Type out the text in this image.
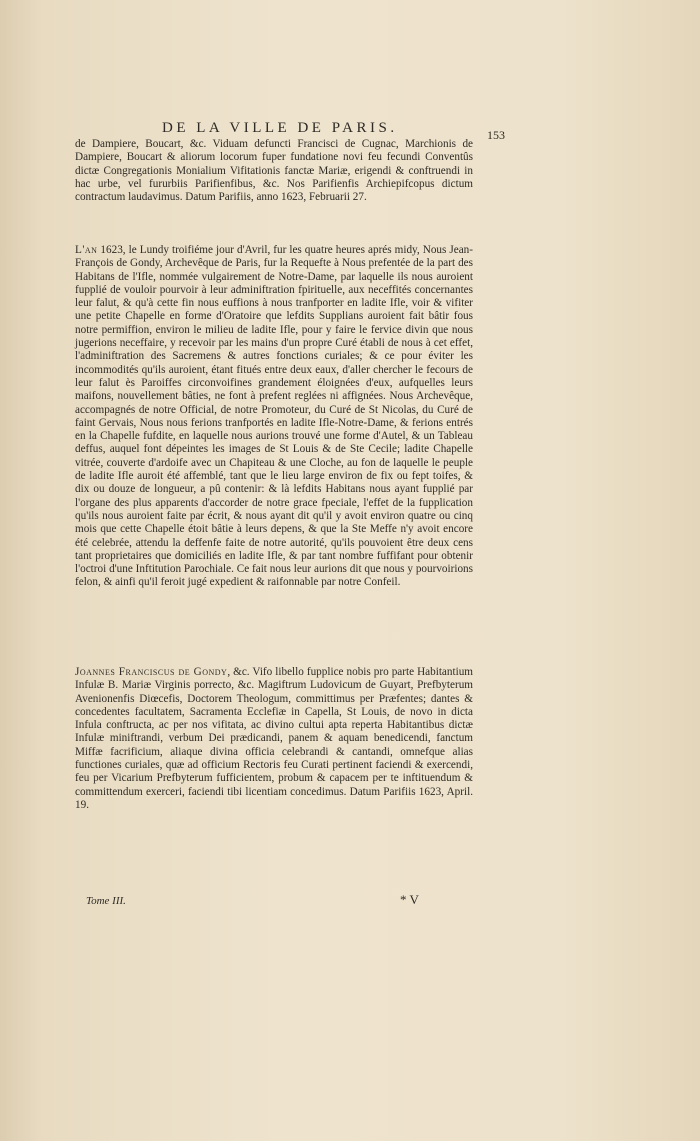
DE LA VILLE DE PARIS.	153

de Dampiere, Boucart, &c. Viduam defuncti Francisci de Cugnac, Marchionis de Dampiere, Boucart & aliorum locorum fuper fundatione novi feu fecundi Conventûs dictæ Congregationis Monialium Vifitationis fanctæ Mariæ, erigendi & conftruendi in hac urbe, vel fururbiis Parifienfibus, &c. Nos Parifienfis Archiepifcopus dictum contractum laudavimus. Datum Parifiis, anno 1623, Februarii 27.

L'an 1623, le Lundy troifiéme jour d'Avril, fur les quatre heures aprés midy, Nous Jean-François de Gondy, Archevêque de Paris, fur la Requefte à Nous prefentée de la part des Habitans de l'Ifle, nommée vulgairement de Notre-Dame, par laquelle ils nous auroient fupplié de vouloir pourvoir à leur adminiftration fpirituelle, aux neceffités concernantes leur falut, & qu'à cette fin nous euffions à nous tranfporter en ladite Ifle, voir & vifiter une petite Chapelle en forme d'Oratoire que lefdits Supplians auroient fait bâtir fous notre permiffion, environ le milieu de ladite Ifle, pour y faire le fervice divin que nous jugerions neceffaire, y recevoir par les mains d'un propre Curé établi de nous à cet effet, l'adminiftration des Sacremens & autres fonctions curiales; & ce pour éviter les incommodités qu'ils auroient, étant fitués entre deux eaux, d'aller chercher le fecours de leur falut ès Paroiffes circonvoifines grandement éloignées d'eux, aufquelles leurs maifons, nouvellement bâties, ne font à prefent reglées ni affignées. Nous Archevêque, accompagnés de notre Official, de notre Promoteur, du Curé de St Nicolas, du Curé de faint Gervais, Nous nous ferions tranfportés en ladite Ifle-Notre-Dame, & ferions entrés en la Chapelle fufdite, en laquelle nous aurions trouvé une forme d'Autel, & un Tableau deffus, auquel font dépeintes les images de St Louis & de Ste Cecile; ladite Chapelle vitrée, couverte d'ardoife avec un Chapiteau & une Cloche, au fon de laquelle le peuple de ladite Ifle auroit été affemblé, tant que le lieu large environ de fix ou fept toifes, & dix ou douze de longueur, a pû contenir: & là lefdits Habitans nous ayant fupplié par l'organe des plus apparents d'accorder de notre grace fpeciale, l'effet de la fupplication qu'ils nous auroient faite par écrit, & nous ayant dit qu'il y avoit environ quatre ou cinq mois que cette Chapelle étoit bâtie à leurs depens, & que la Ste Meffe n'y avoit encore été celebrée, attendu la deffenfe faite de notre autorité, qu'ils pouvoient être deux cens tant proprietaires que domiciliés en ladite Ifle, & par tant nombre fuffifant pour obtenir l'octroi d'une Inftitution Parochiale. Ce fait nous leur aurions dit que nous y pourvoirions felon, & ainfi qu'il feroit jugé expedient & raifonnable par notre Confeil.

Joannes Franciscus de Gondy, &c. Vifo libello fupplice nobis pro parte Habitantium Infulæ B. Mariæ Virginis porrecto, &c. Magiftrum Ludovicum de Guyart, Prefbyterum Avenionenfis Diœcefis, Doctorem Theologum, committimus per Præfentes; dantes & concedentes facultatem, Sacramenta Ecclefiæ in Capella, St Louis, de novo in dicta Infula conftructa, ac per nos vifitata, ac divino cultui apta reperta Habitantibus dictæ Infulæ miniftrandi, verbum Dei prædicandi, panem & aquam benedicendi, fanctum Miffæ facrificium, aliaque divina officia celebrandi & cantandi, omnefque alias functiones curiales, quæ ad officium Rectoris feu Curati pertinent faciendi & exercendi, feu per Vicarium Prefbyterum fufficientem, probum & capacem per te inftituendum & committendum exerceri, faciendi tibi licentiam concedimus. Datum Parifiis 1623, April. 19.

Tome III.	* V
